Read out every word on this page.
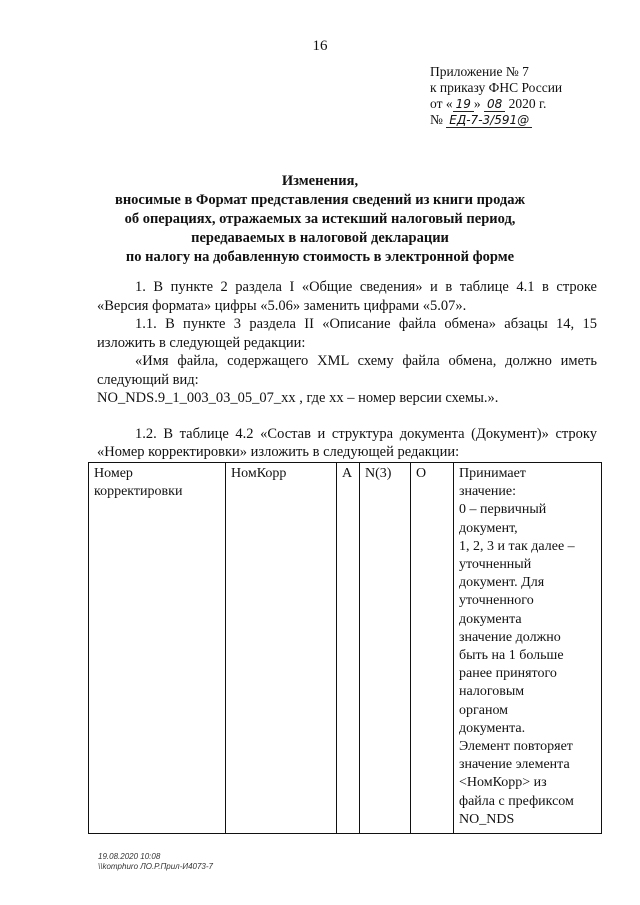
16
Приложение № 7
к приказу ФНС России
от « 19 » 08 2020 г.
№ ЕД-7-3/591@
Изменения,
вносимые в Формат представления сведений из книги продаж
об операциях, отражаемых за истекший налоговый период,
передаваемых в налоговой декларации
по налогу на добавленную стоимость в электронной форме

1. В пункте 2 раздела I «Общие сведения» и в таблице 4.1 в строке «Версия формата» цифры «5.06» заменить цифрами «5.07».

1.1. В пункте 3 раздела II «Описание файла обмена» абзацы 14, 15 изложить в следующей редакции:

«Имя файла, содержащего XML схему файла обмена, должно иметь следующий вид:

NO_NDS.9_1_003_03_05_07_xx , где xx – номер версии схемы.».

1.2. В таблице 4.2 «Состав и структура документа (Документ)» строку «Номер корректировки» изложить в следующей редакции:

Номер корректировки	НомКорр	А	N(3)	О	Принимает
значение:
0 – первичный
документ,
1, 2, 3 и так далее –
уточненный
документ. Для
уточненного
документа
значение должно
быть на 1 больше
ранее принятого
налоговым
органом
документа.
Элемент повторяет
значение элемента
<НомКорр> из
файла с префиксом
NO_NDS
19.08.2020 10:08
\\komphuro ЛО.Р.Прил-И4073-7
